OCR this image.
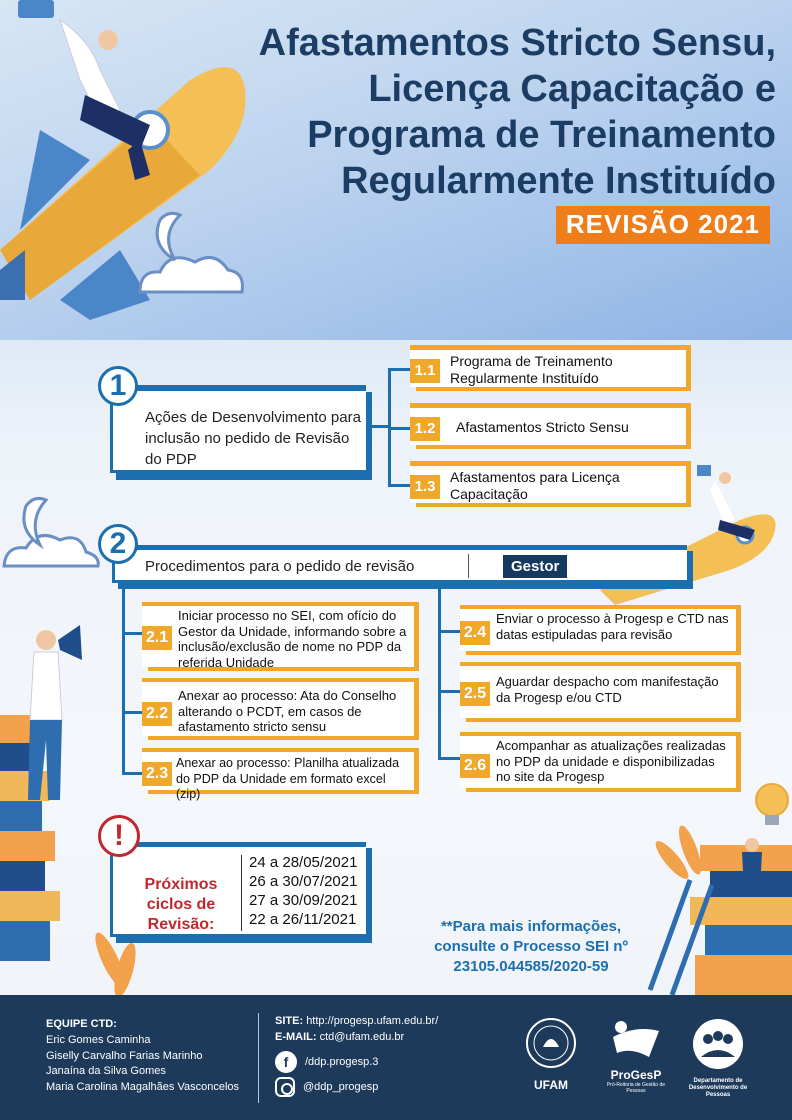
Afastamentos Stricto Sensu,
Licença Capacitação e
Programa de Treinamento
Regularmente Instituído
REVISÃO 2021
Ações de Desenvolvimento para inclusão no pedido de Revisão do PDP
1	1.1
Programa de Treinamento Regularmente Instituído
1.2	Afastamentos Stricto Sensu
1.3
Afastamentos para Licença Capacitação
Procedimentos para o pedido de revisão	Gestor
2
2.1
Iniciar processo no SEI, com ofício do Gestor da Unidade, informando sobre a inclusão/exclusão de nome no PDP da referida Unidade
2.2
Anexar ao processo: Ata do Conselho alterando o PCDT, em casos de afastamento stricto sensu
2.3
Anexar ao processo: Planilha atualizada do PDP da Unidade em formato excel (zip)
2.4
Enviar o processo à Progesp e CTD nas datas estipuladas para revisão
2.5
Aguardar despacho com manifestação da Progesp e/ou CTD
2.6
Acompanhar as atualizações realizadas no PDP da unidade e disponibilizadas no site da Progesp
Próximos ciclos de Revisão:
24 a 28/05/2021
26 a 30/07/2021
27 a 30/09/2021
22 a 26/11/2021
!
**Para mais informações, consulte o Processo SEI nº 23105.044585/2020-59
EQUIPE CTD:
Eric Gomes Caminha
Giselly Carvalho Farias Marinho
Janaína da Silva Gomes
Maria Carolina Magalhães Vasconcelos
SITE: http://progesp.ufam.edu.br/
E-MAIL: ctd@ufam.edu.br
f	/ddp.progesp.3
@ddp_progesp	UFAM
ProGesP
Pró-Reitoria de Gestão de Pessoas
Departamento de Desenvolvimento de Pessoas
